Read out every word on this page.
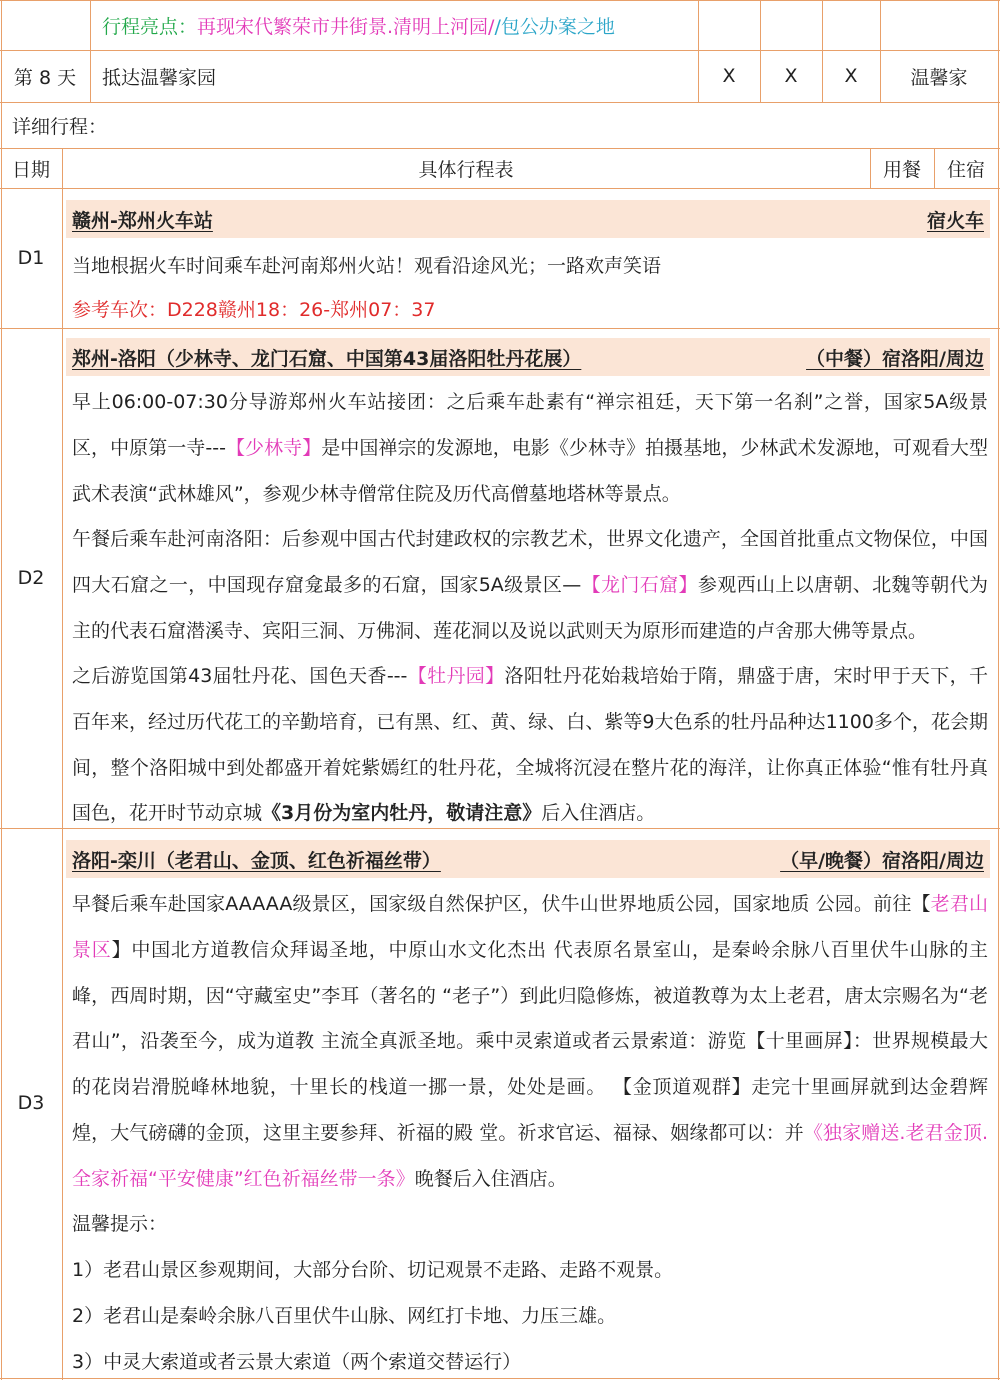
行程亮点： 再现宋代繁荣市井街景.清明上河园/ /包公办案之地
第 8 天	抵达温馨家园	X	X	X	温馨家
详细行程：
日期	具体行程表	用餐	住宿
D1
赣州-郑州火车站	宿火车
当地根据火车时间乘车赴河南郑州火站！观看沿途风光；一路欢声笑语
参考车次：D228赣州18：26-郑州07：37
D2
郑州-洛阳（少林寺、龙门石窟、中国第43届洛阳牡丹花展）	（中餐）宿洛阳/周边
早上06:00-07:30分导游郑州火车站接团：之后乘车赴素有“禅宗祖廷，天下第一名刹”之誉，国家5A级景区，中原第一寺---【少林寺】是中国禅宗的发源地，电影《少林寺》拍摄基地，少林武术发源地，可观看大型武术表演“武林雄风”，参观少林寺僧常住院及历代高僧墓地塔林等景点。
午餐后乘车赴河南洛阳：后参观中国古代封建政权的宗教艺术，世界文化遗产，全国首批重点文物保位，中国四大石窟之一，中国现存窟龛最多的石窟，国家5A级景区—【龙门石窟】参观西山上以唐朝、北魏等朝代为主的代表石窟潜溪寺、宾阳三洞、万佛洞、莲花洞以及说以武则天为原形而建造的卢舍那大佛等景点。
之后游览国第43届牡丹花、国色天香---【牡丹园】洛阳牡丹花始栽培始于隋，鼎盛于唐，宋时甲于天下，千百年来，经过历代花工的辛勤培育，已有黑、红、黄、绿、白、紫等9大色系的牡丹品种达1100多个，花会期间，整个洛阳城中到处都盛开着姹紫嫣红的牡丹花，全城将沉浸在整片花的海洋，让你真正体验“惟有牡丹真国色，花开时节动京城《3月份为室内牡丹，敬请注意》后入住酒店。
D3
洛阳-栾川（老君山、金顶、红色祈福丝带）	（早/晚餐）宿洛阳/周边
早餐后乘车赴国家AAAAA级景区，国家级自然保护区，伏牛山世界地质公园，国家地质 公园。前往【老君山景区】中国北方道教信众拜谒圣地，中原山水文化杰出 代表原名景室山，是秦岭余脉八百里伏牛山脉的主峰，西周时期，因“守藏室史”李耳（著名的 “老子”）到此归隐修炼，被道教尊为太上老君，唐太宗赐名为“老君山”，沿袭至今，成为道教 主流全真派圣地。乘中灵索道或者云景索道：游览【十里画屏】：世界规模最大的花岗岩滑脱峰林地貌，十里长的栈道一挪一景，处处是画。 【金顶道观群】走完十里画屏就到达金碧辉煌，大气磅礴的金顶，这里主要参拜、祈福的殿 堂。祈求官运、福禄、姻缘都可以：并《独家赠送.老君金顶.全家祈福“平安健康”红色祈福丝带一条》晚餐后入住酒店。
温馨提示：
1）老君山景区参观期间，大部分台阶、切记观景不走路、走路不观景。
2）老君山是秦岭余脉八百里伏牛山脉、网红打卡地、力压三雄。
3）中灵大索道或者云景大索道（两个索道交替运行）
